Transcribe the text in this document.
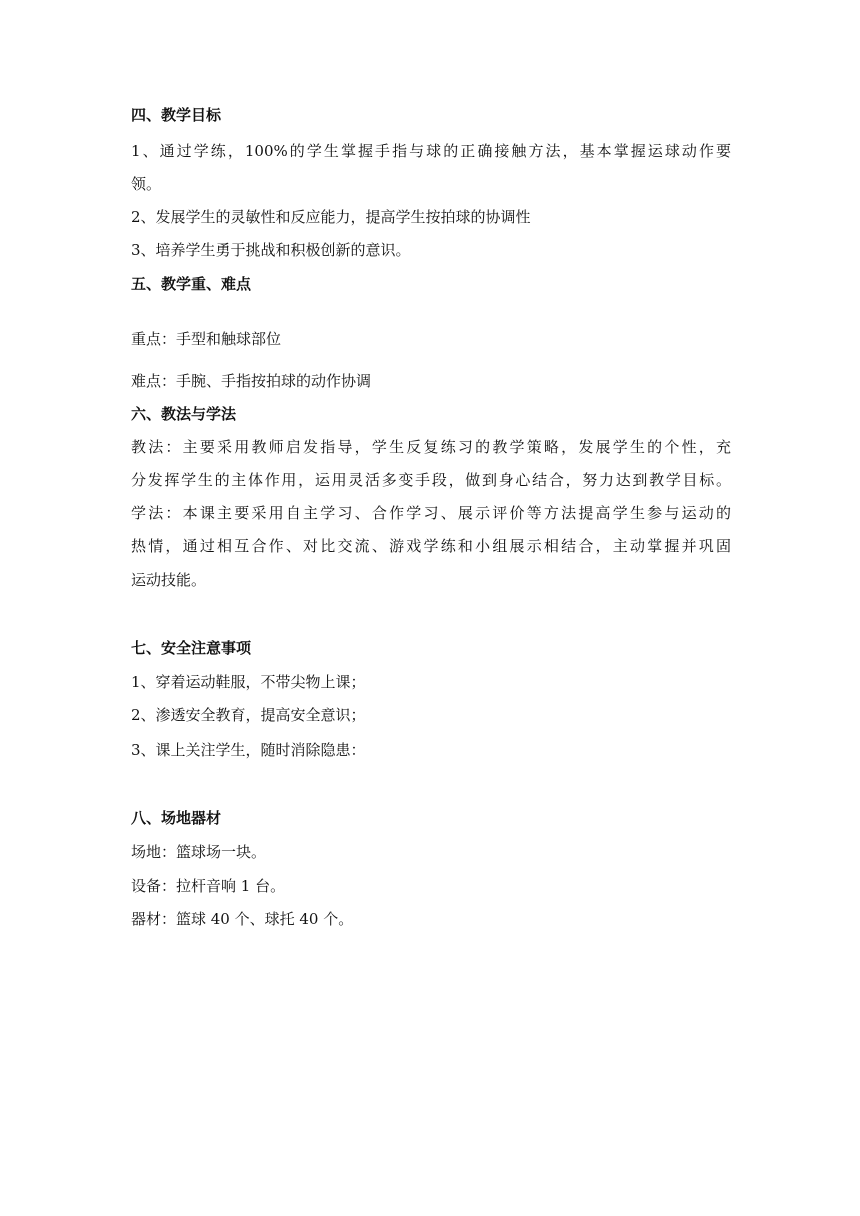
四、教学目标
1、通过学练，100%的学生掌握手指与球的正确接触方法，基本掌握运球动作要
领。
2、发展学生的灵敏性和反应能力，提高学生按拍球的协调性
3、培养学生勇于挑战和积极创新的意识。
五、教学重、难点
重点：手型和触球部位
难点：手腕、手指按拍球的动作协调
六、教法与学法
教法：主要采用教师启发指导，学生反复练习的教学策略，发展学生的个性，充
分发挥学生的主体作用，运用灵活多变手段，做到身心结合，努力达到教学目标。
学法：本课主要采用自主学习、合作学习、展示评价等方法提高学生参与运动的
热情，通过相互合作、对比交流、游戏学练和小组展示相结合，主动掌握并巩固
运动技能。
七、安全注意事项
1、穿着运动鞋服，不带尖物上课；
2、渗透安全教育，提高安全意识；
3、课上关注学生，随时消除隐患：
八、场地器材
场地：篮球场一块。
设备：拉杆音响 1 台。
器材：篮球 40 个、球托 40 个。
